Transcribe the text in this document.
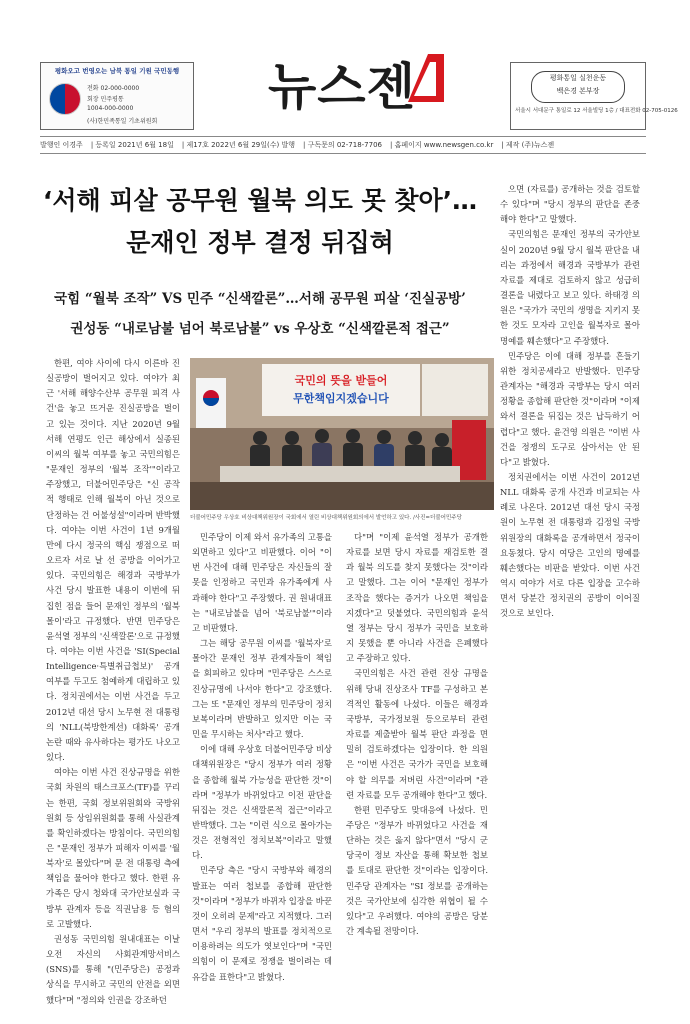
평화오고 번영오는 남북 통일 기원 국민동행
전화 02-000-0000
회장 민주평통
1004-000-0000
(사)한민족통일 기초위원회
뉴스젠	평화통일 실천운동
백은경 본부장
서울시 서대문구 통일로 12 서울빌딩 1층 / 대표전화 02-705-0126
발행인 이경주 | 등록일 2021년 6월 18일 | 제17호 2022년 6월 29일(수) 발행 | 구독문의 02-718-7706 | 홈페이지 www.newsgen.co.kr | 제작 (주)뉴스젠
‘서해 피살 공무원 월북 의도 못 찾아’…
문재인 정부 결정 뒤집혀
국힘 “월북 조작” VS 민주 “신색깔론”…서해 공무원 피살 ‘진실공방’
권성동 “내로남불 넘어 북로남불” vs 우상호 “신색깔론적 접근”
국민의 뜻을 받들어
무한책임지겠습니다
더불어민주당 우상호 비상대책위원장이 국회에서 열린 비상대책위원회의에서 발언하고 있다. /사진=더불어민주당

한편, 여야 사이에 다시 이른바 진실공방이 벌어지고 있다. 여야가 최근 '서해 해양수산부 공무원 피격 사건'을 놓고 뜨거운 진실공방을 벌이고 있는 것이다. 지난 2020년 9월 서해 연평도 인근 해상에서 실종된 이씨의 월북 여부를 놓고 국민의힘은 "문재인 정부의 '월북 조작'"이라고 주장했고, 더불어민주당은 "신 공작적 행태로 인해 월북이 아닌 것으로 단정하는 건 어불성설"이라며 반박했다. 여야는 이번 사건이 1년 9개월 만에 다시 정국의 핵심 쟁점으로 떠오르자 서로 날 선 공방을 이어가고 있다. 국민의힘은 해경과 국방부가 사건 당시 발표한 내용이 이번에 뒤집힌 점을 들어 문재인 정부의 '월북 몰이'라고 규정했다. 반면 민주당은 윤석열 정부의 '신색깔론'으로 규정했다. 여야는 이번 사건을 'SI(Special Intelligence·특별취급첩보)' 공개 여부를 두고도 첨예하게 대립하고 있다. 정치권에서는 이번 사건을 두고 2012년 대선 당시 노무현 전 대통령의 'NLL(북방한계선) 대화록' 공개 논란 때와 유사하다는 평가도 나오고 있다.

여야는 이번 사건 진상규명을 위한 국회 차원의 태스크포스(TF)를 꾸리는 한편, 국회 정보위원회와 국방위원회 등 상임위원회를 통해 사실관계를 확인하겠다는 방침이다. 국민의힘은 "문재인 정부가 피해자 이씨를 '월북자'로 몰았다"며 문 전 대통령 측에 책임을 물어야 한다고 했다. 한편 유가족은 당시 청와대 국가안보실과 국방부 관계자 등을 직권남용 등 혐의로 고발했다.

권성동 국민의힘 원내대표는 이날 오전 자신의 사회관계망서비스(SNS)를 통해 "(민주당은) 공정과 상식을 무시하고 국민의 안전을 외면했다"며 "정의와 인권을 강조하던

민주당이 이제 와서 유가족의 고통을 외면하고 있다"고 비판했다. 이어 "이번 사건에 대해 민주당은 자신들의 잘못을 인정하고 국민과 유가족에게 사과해야 한다"고 주장했다. 권 원내대표는 "내로남불을 넘어 '북로남불'"이라고 비판했다.

그는 해당 공무원 이씨를 '월북자'로 몰아간 문재인 정부 관계자들이 책임을 회피하고 있다며 "민주당은 스스로 진상규명에 나서야 한다"고 강조했다. 그는 또 "문재인 정부의 민주당이 정치보복이라며 반발하고 있지만 이는 국민을 무시하는 처사"라고 했다.

이에 대해 우상호 더불어민주당 비상대책위원장은 "당시 정부가 여러 정황을 종합해 월북 가능성을 판단한 것"이라며 "정부가 바뀌었다고 이전 판단을 뒤집는 것은 신색깔론적 접근"이라고 반박했다. 그는 "이런 식으로 몰아가는 것은 전형적인 정치보복"이라고 말했다.

민주당 측은 "당시 국방부와 해경의 발표는 여러 첩보를 종합해 판단한 것"이라며 "정부가 바뀌자 입장을 바꾼 것이 오히려 문제"라고 지적했다. 그러면서 "우리 정부의 발표를 정치적으로 이용하려는 의도가 엿보인다"며 "국민의힘이 이 문제로 정쟁을 벌이려는 데 유감을 표한다"고 밝혔다.

다"며 "이제 윤석열 정부가 공개한 자료를 보면 당시 자료를 재검토한 결과 월북 의도를 찾지 못했다는 것"이라고 말했다. 그는 이어 "문재인 정부가 조작을 했다는 증거가 나오면 책임을 지겠다"고 덧붙였다. 국민의힘과 윤석열 정부는 당시 정부가 국민을 보호하지 못했을 뿐 아니라 사건을 은폐했다고 주장하고 있다.

국민의힘은 사건 관련 진상 규명을 위해 당내 진상조사 TF를 구성하고 본격적인 활동에 나섰다. 이들은 해경과 국방부, 국가정보원 등으로부터 관련 자료를 제출받아 월북 판단 과정을 면밀히 검토하겠다는 입장이다. 한 의원은 "이번 사건은 국가가 국민을 보호해야 할 의무를 저버린 사건"이라며 "관련 자료를 모두 공개해야 한다"고 했다.

한편 민주당도 맞대응에 나섰다. 민주당은 "정부가 바뀌었다고 사건을 재단하는 것은 옳지 않다"면서 "당시 군 당국이 정보 자산을 통해 확보한 첩보를 토대로 판단한 것"이라는 입장이다. 민주당 관계자는 "SI 정보를 공개하는 것은 국가안보에 심각한 위협이 될 수 있다"고 우려했다. 여야의 공방은 당분간 계속될 전망이다.

으면 (자료를) 공개하는 것을 검토할 수 있다"며 "당시 정부의 판단을 존중해야 한다"고 말했다.

국민의힘은 문재인 정부의 국가안보실이 2020년 9월 당시 월북 판단을 내리는 과정에서 해경과 국방부가 관련 자료를 제대로 검토하지 않고 성급히 결론을 내렸다고 보고 있다. 하태경 의원은 "국가가 국민의 생명을 지키지 못한 것도 모자라 고인을 월북자로 몰아 명예를 훼손했다"고 주장했다.

민주당은 이에 대해 정부를 흔들기 위한 정치공세라고 반발했다. 민주당 관계자는 "해경과 국방부는 당시 여러 정황을 종합해 판단한 것"이라며 "이제 와서 결론을 뒤집는 것은 납득하기 어렵다"고 했다. 윤건영 의원은 "이번 사건을 정쟁의 도구로 삼아서는 안 된다"고 밝혔다.

정치권에서는 이번 사건이 2012년 NLL 대화록 공개 사건과 비교되는 사례로 나온다. 2012년 대선 당시 국정원이 노무현 전 대통령과 김정일 국방위원장의 대화록을 공개하면서 정국이 요동쳤다. 당시 여당은 고인의 명예를 훼손했다는 비판을 받았다. 이번 사건 역시 여야가 서로 다른 입장을 고수하면서 당분간 정치권의 공방이 이어질 것으로 보인다.
